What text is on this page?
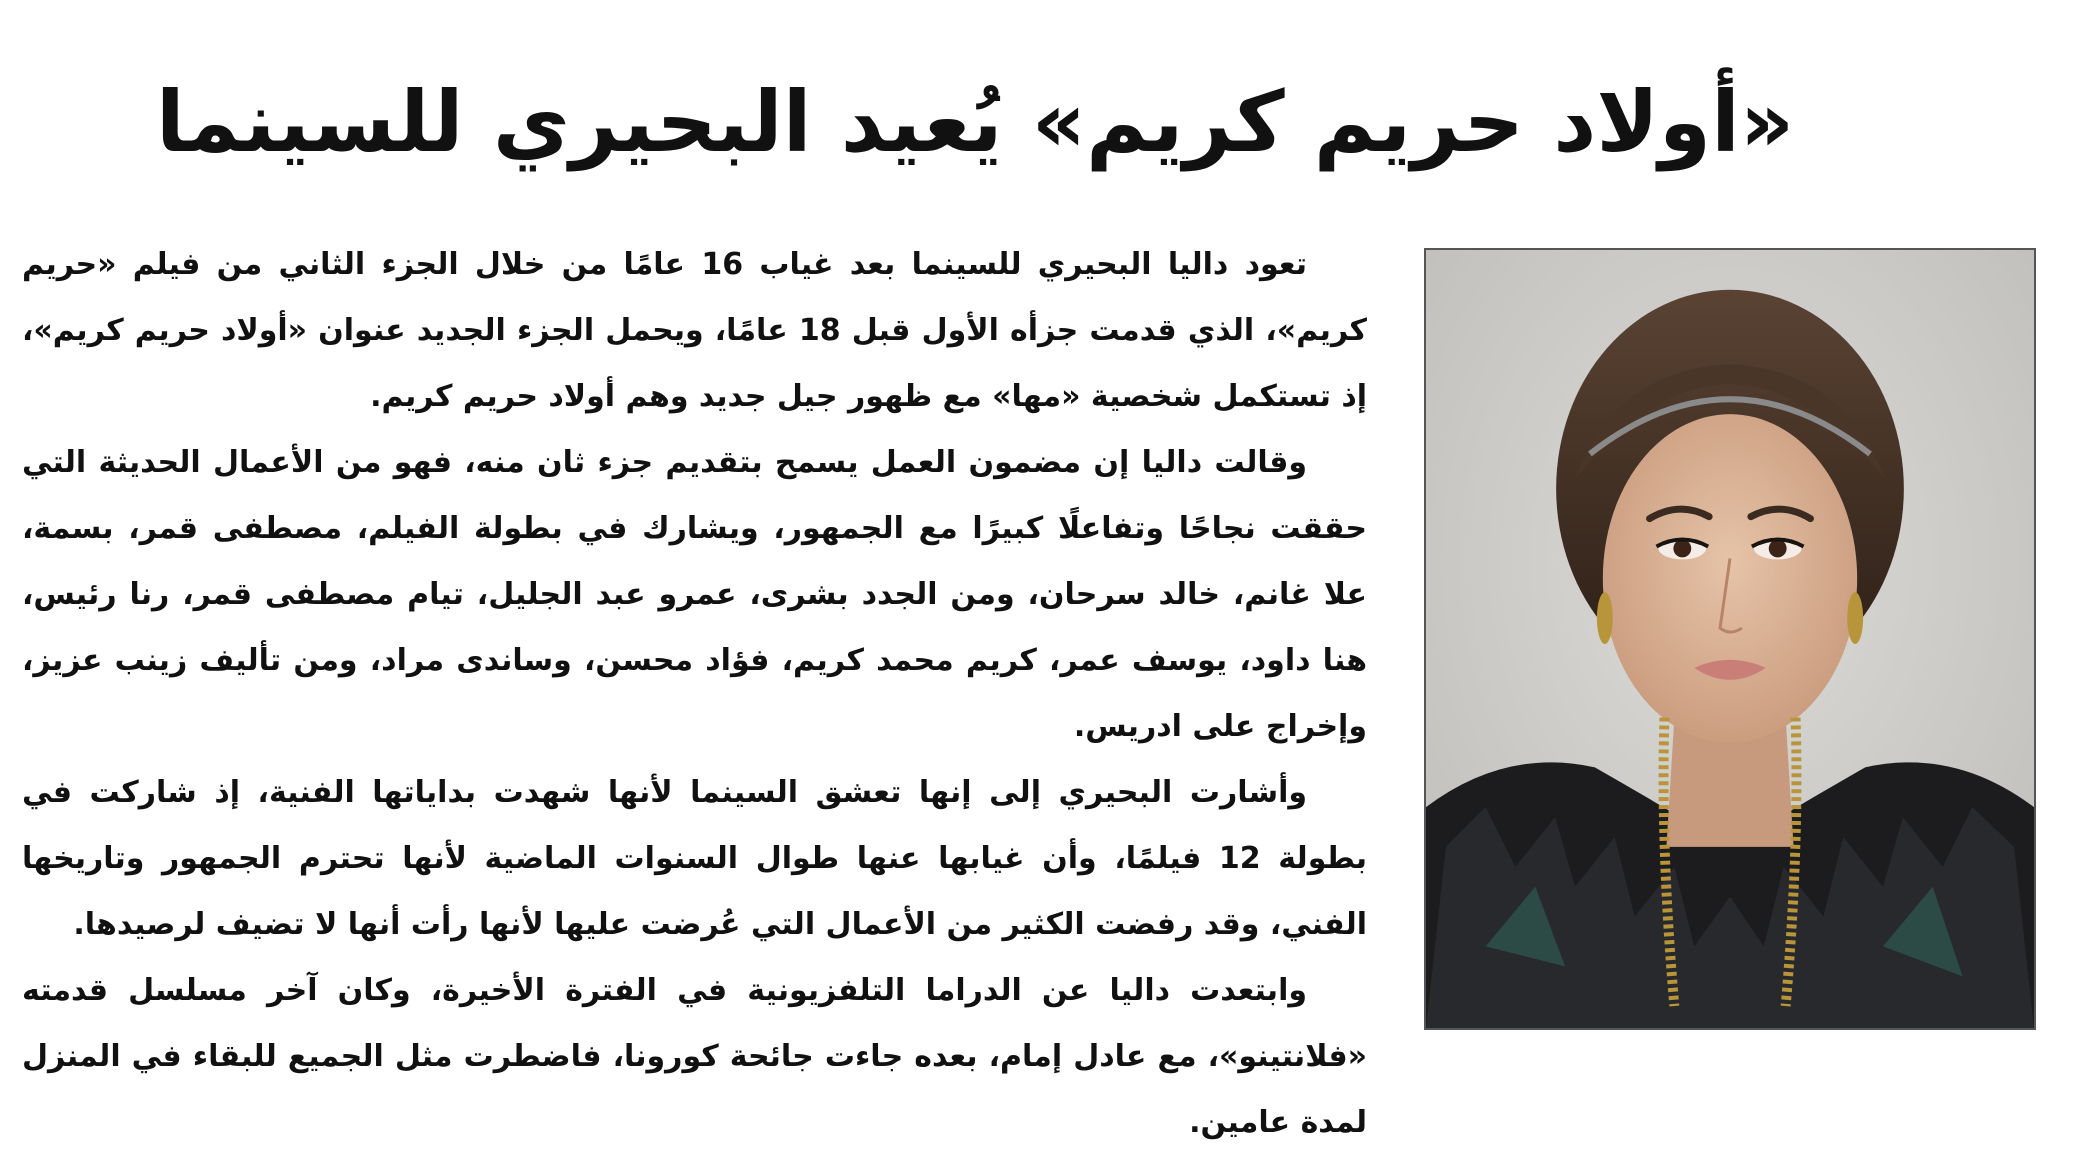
«أولاد حريم كريم» يُعيد البحيري للسينما

تعود داليا البحيري للسينما بعد غياب 16 عامًا من خلال الجزء الثاني من فيلم «حريم كريم»، الذي قدمت جزأه الأول قبل 18 عامًا، ويحمل الجزء الجديد عنوان «أولاد حريم كريم»، إذ تستكمل شخصية «مها» مع ظهور جيل جديد وهم أولاد حريم كريم.

وقالت داليا إن مضمون العمل يسمح بتقديم جزء ثان منه، فهو من الأعمال الحديثة التي حققت نجاحًا وتفاعلًا كبيرًا مع الجمهور، ويشارك في بطولة الفيلم، مصطفى قمر، بسمة، علا غانم، خالد سرحان، ومن الجدد بشرى، عمرو عبد الجليل، تيام مصطفى قمر، رنا رئيس، هنا داود، يوسف عمر، كريم محمد كريم، فؤاد محسن، وساندى مراد، ومن تأليف زينب عزيز، وإخراج على ادريس.

وأشارت البحيري إلى إنها تعشق السينما لأنها شهدت بداياتها الفنية، إذ شاركت في بطولة 12 فيلمًا، وأن غيابها عنها طوال السنوات الماضية لأنها تحترم الجمهور وتاريخها الفني، وقد رفضت الكثير من الأعمال التي عُرضت عليها لأنها رأت أنها لا تضيف لرصيدها.

وابتعدت داليا عن الدراما التلفزيونية في الفترة الأخيرة، وكان آخر مسلسل قدمته «فلانتينو»، مع عادل إمام، بعده جاءت جائحة كورونا، فاضطرت مثل الجميع للبقاء في المنزل لمدة عامين.
